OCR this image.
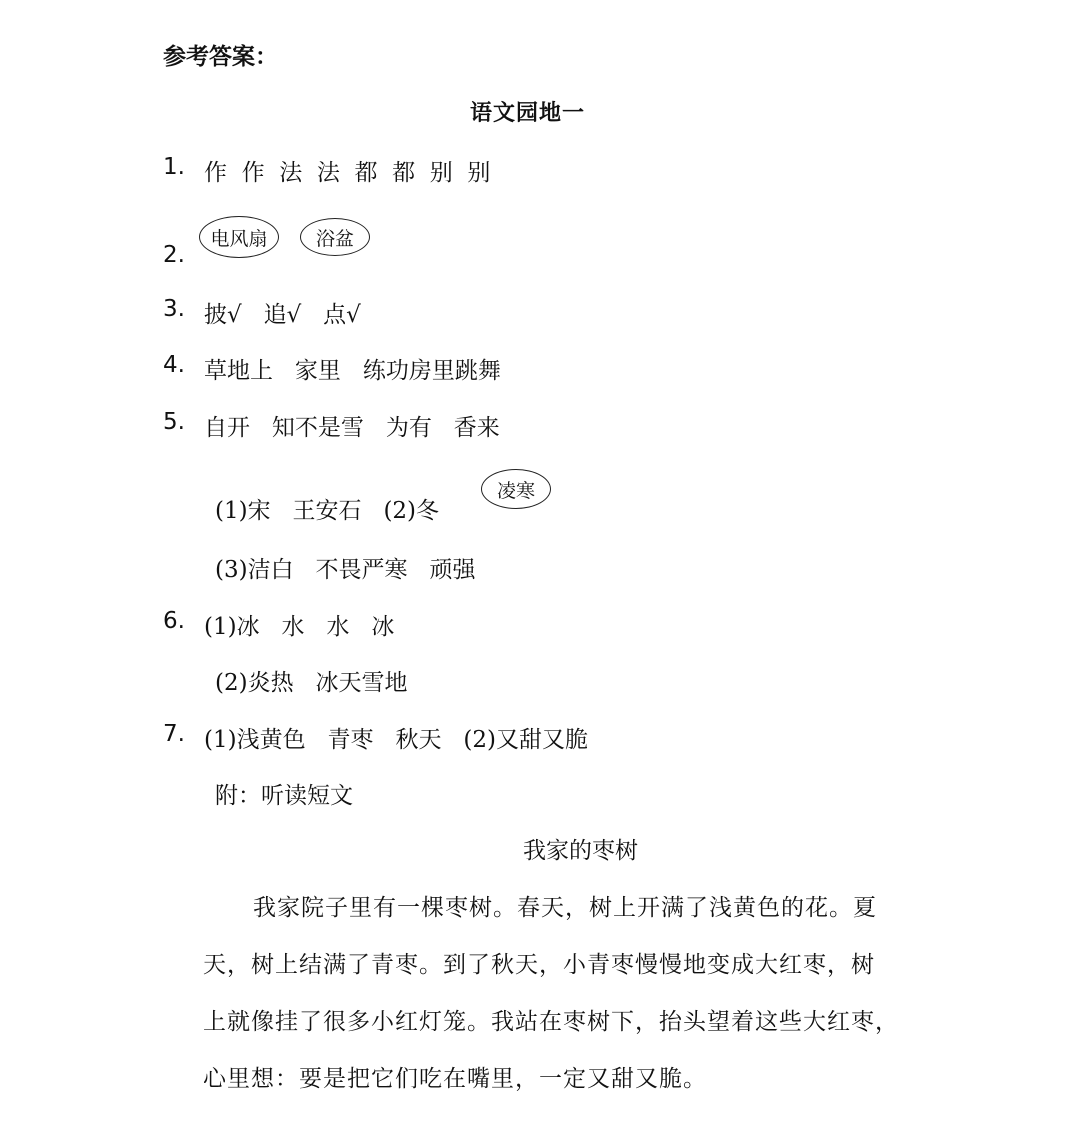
参考答案：
语文园地一
1. 作  作  法  法  都  都  别  别
2.
电风扇	浴盆
3. 披√   追√   点√
4. 草地上   家里   练功房里跳舞
5. 自开   知不是雪   为有   香来
(1)宋   王安石   (2)冬
凌寒
(3)洁白   不畏严寒   顽强
6. (1)冰   水   水   冰
(2)炎热   冰天雪地
7. (1)浅黄色   青枣   秋天   (2)又甜又脆
附：听读短文
我家的枣树
我家院子里有一棵枣树。春天，树上开满了浅黄色的花。夏
天，树上结满了青枣。到了秋天，小青枣慢慢地变成大红枣，树
上就像挂了很多小红灯笼。我站在枣树下，抬头望着这些大红枣，
心里想：要是把它们吃在嘴里，一定又甜又脆。
